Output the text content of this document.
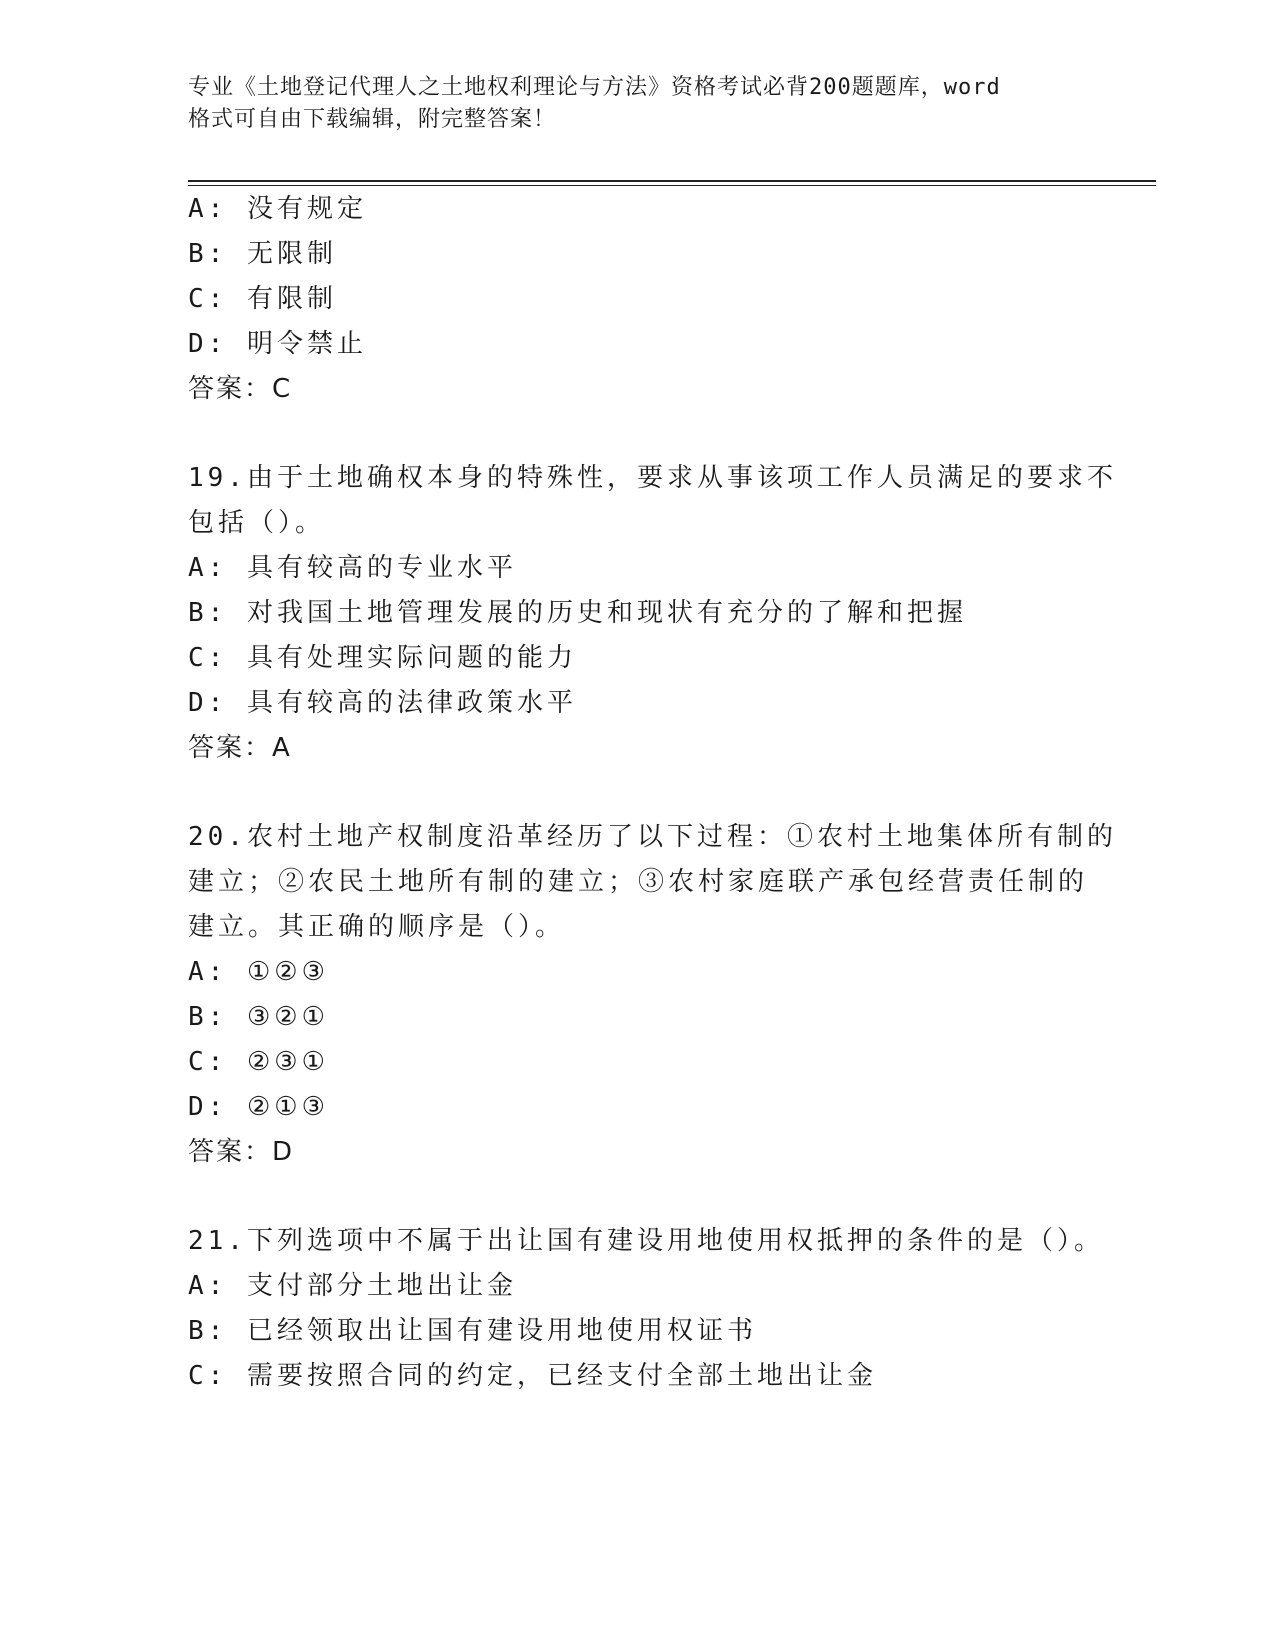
专业《土地登记代理人之土地权利理论与方法》资格考试必背200题题库，word
格式可自由下载编辑，附完整答案！
A: 没有规定
B: 无限制
C: 有限制
D: 明令禁止
答案：C
19.由于土地确权本身的特殊性，要求从事该项工作人员满足的要求不
包括（）。
A: 具有较高的专业水平
B: 对我国土地管理发展的历史和现状有充分的了解和把握
C: 具有处理实际问题的能力
D: 具有较高的法律政策水平
答案：A
20.农村土地产权制度沿革经历了以下过程：①农村土地集体所有制的
建立；②农民土地所有制的建立；③农村家庭联产承包经营责任制的
建立。其正确的顺序是（）。
A: ①②③
B: ③②①
C: ②③①
D: ②①③
答案：D
21.下列选项中不属于出让国有建设用地使用权抵押的条件的是（）。
A: 支付部分土地出让金
B: 已经领取出让国有建设用地使用权证书
C: 需要按照合同的约定，已经支付全部土地出让金
